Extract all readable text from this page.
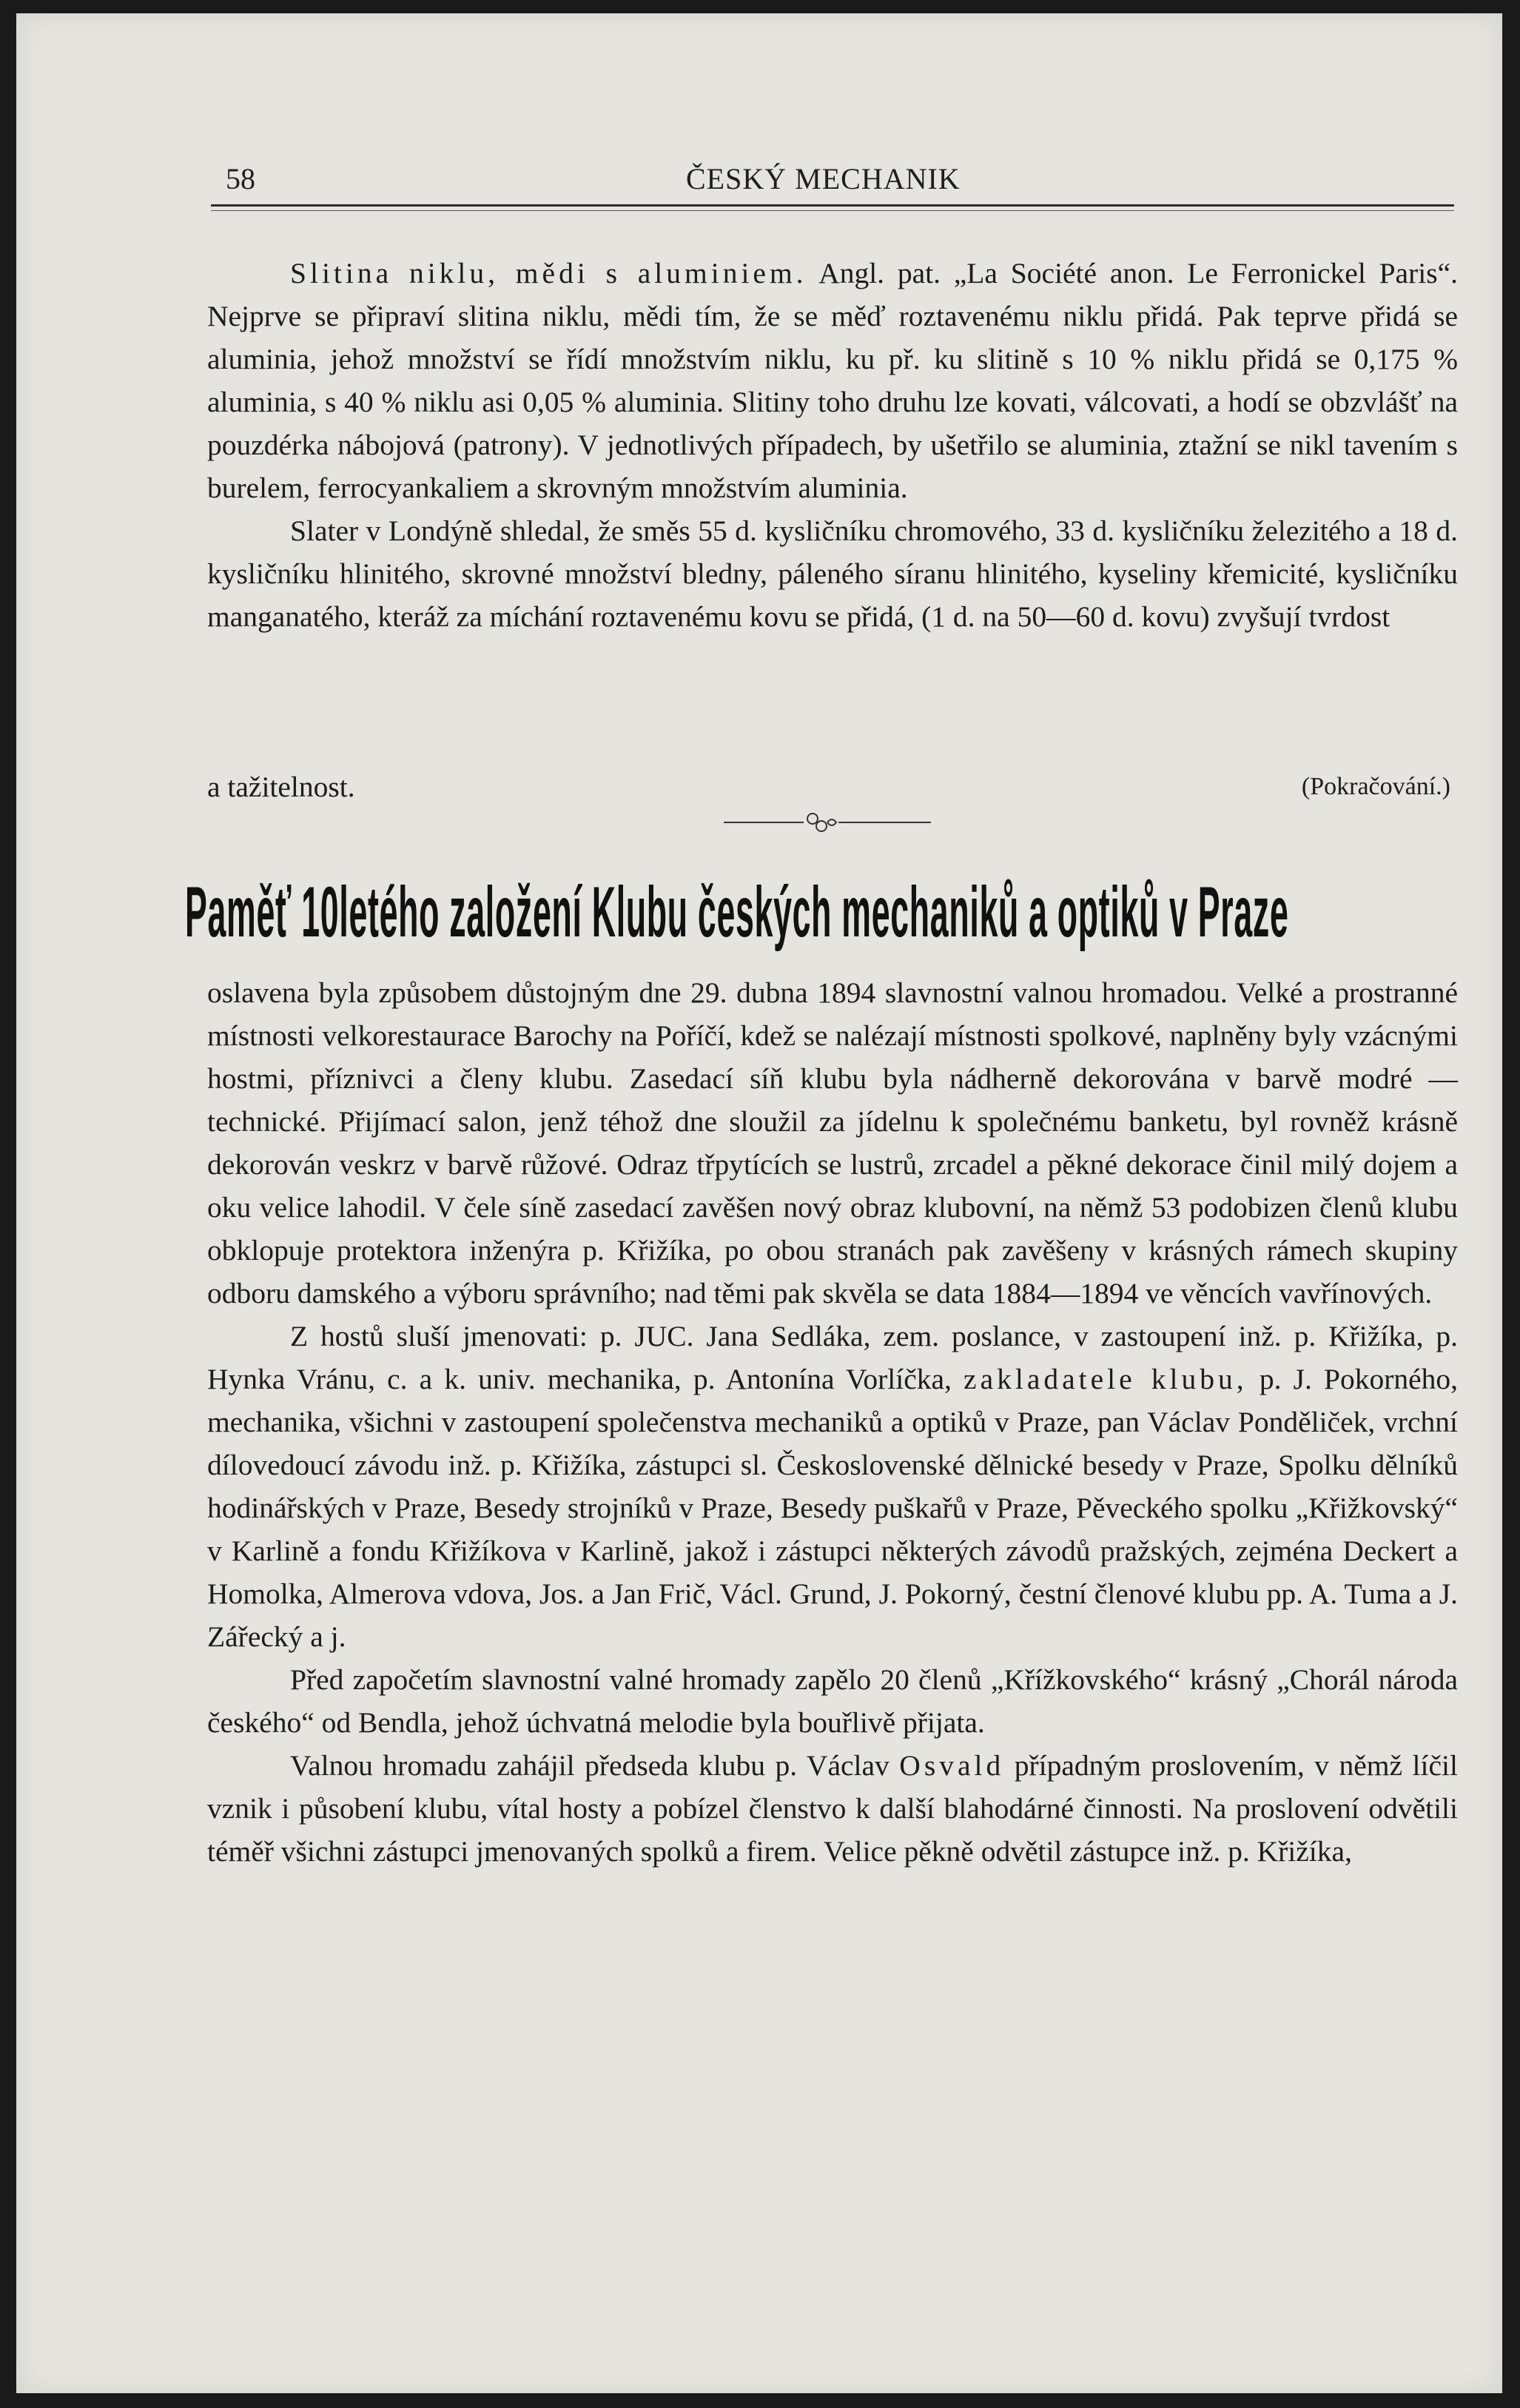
58	ČESKÝ MECHANIK

Slitina niklu, mědi s aluminiem. Angl. pat. „La Société anon. Le Ferronickel Paris“. Nejprve se připraví slitina niklu, mědi tím, že se měď roztavenému niklu přidá. Pak teprve přidá se aluminia, jehož množství se řídí množstvím niklu, ku př. ku slitině s 10 % niklu přidá se 0,175 % aluminia, s 40 % niklu asi 0,05 % aluminia. Slitiny toho druhu lze kovati, válcovati, a hodí se obzvlášť na pouzdérka nábojová (patrony). V jednotlivých případech, by ušetřilo se aluminia, ztažní se nikl tavením s burelem, ferrocyankaliem a skrovným množstvím aluminia.

Slater v Londýně shledal, že směs 55 d. kysličníku chromového, 33 d. kysličníku železitého a 18 d. kysličníku hlinitého, skrovné množství bledny, páleného síranu hlinitého, kyseliny křemicité, kysličníku manganatého, kteráž za míchání roztavenému kovu se přidá, (1 d. na 50—60 d. kovu) zvyšují tvrdost

a tažitelnost.	(Pokračování.)
Paměť 10letého založení Klubu českých mechaniků a optiků v Praze

oslavena byla způsobem důstojným dne 29. dubna 1894 slavnostní valnou hromadou. Velké a prostranné místnosti velkorestaurace Barochy na Poříčí, kdež se nalézají místnosti spolkové, naplněny byly vzácnými hostmi, příznivci a členy klubu. Zasedací síň klubu byla nádherně dekorována v barvě modré — technické. Přijímací salon, jenž téhož dne sloužil za jídelnu k společnému banketu, byl rovněž krásně dekorován veskrz v barvě růžové. Odraz třpytících se lustrů, zrcadel a pěkné dekorace činil milý dojem a oku velice lahodil. V čele síně zasedací zavěšen nový obraz klubovní, na němž 53 podobizen členů klubu obklopuje protektora inženýra p. Křižíka, po obou stranách pak zavěšeny v krásných rámech skupiny odboru damského a výboru správního; nad těmi pak skvěla se data 1884—1894 ve věncích vavřínových.

Z hostů sluší jmenovati: p. JUC. Jana Sedláka, zem. poslance, v zastoupení inž. p. Křižíka, p. Hynka Vránu, c. a k. univ. mechanika, p. Antonína Vorlíčka, zakladatele klubu, p. J. Pokorného, mechanika, všichni v zastoupení společenstva mechaniků a optiků v Praze, pan Václav Ponděliček, vrchní dílovedoucí závodu inž. p. Křižíka, zástupci sl. Československé dělnické besedy v Praze, Spolku dělníků hodinářských v Praze, Besedy strojníků v Praze, Besedy puškařů v Praze, Pěveckého spolku „Křižkovský“ v Karlině a fondu Křižíkova v Karlině, jakož i zástupci některých závodů pražských, zejména Deckert a Homolka, Almerova vdova, Jos. a Jan Frič, Václ. Grund, J. Pokorný, čestní členové klubu pp. A. Tuma a J. Zářecký a j.

Před započetím slavnostní valné hromady zapělo 20 členů „Křížkovského“ krásný „Chorál národa českého“ od Bendla, jehož úchvatná melodie byla bouřlivě přijata.

Valnou hromadu zahájil předseda klubu p. Václav Osvald případným proslovením, v němž líčil vznik i působení klubu, vítal hosty a pobízel členstvo k další blahodárné činnosti. Na proslovení odvětili téměř všichni zástupci jmenovaných spolků a firem. Velice pěkně odvětil zástupce inž. p. Křižíka,
